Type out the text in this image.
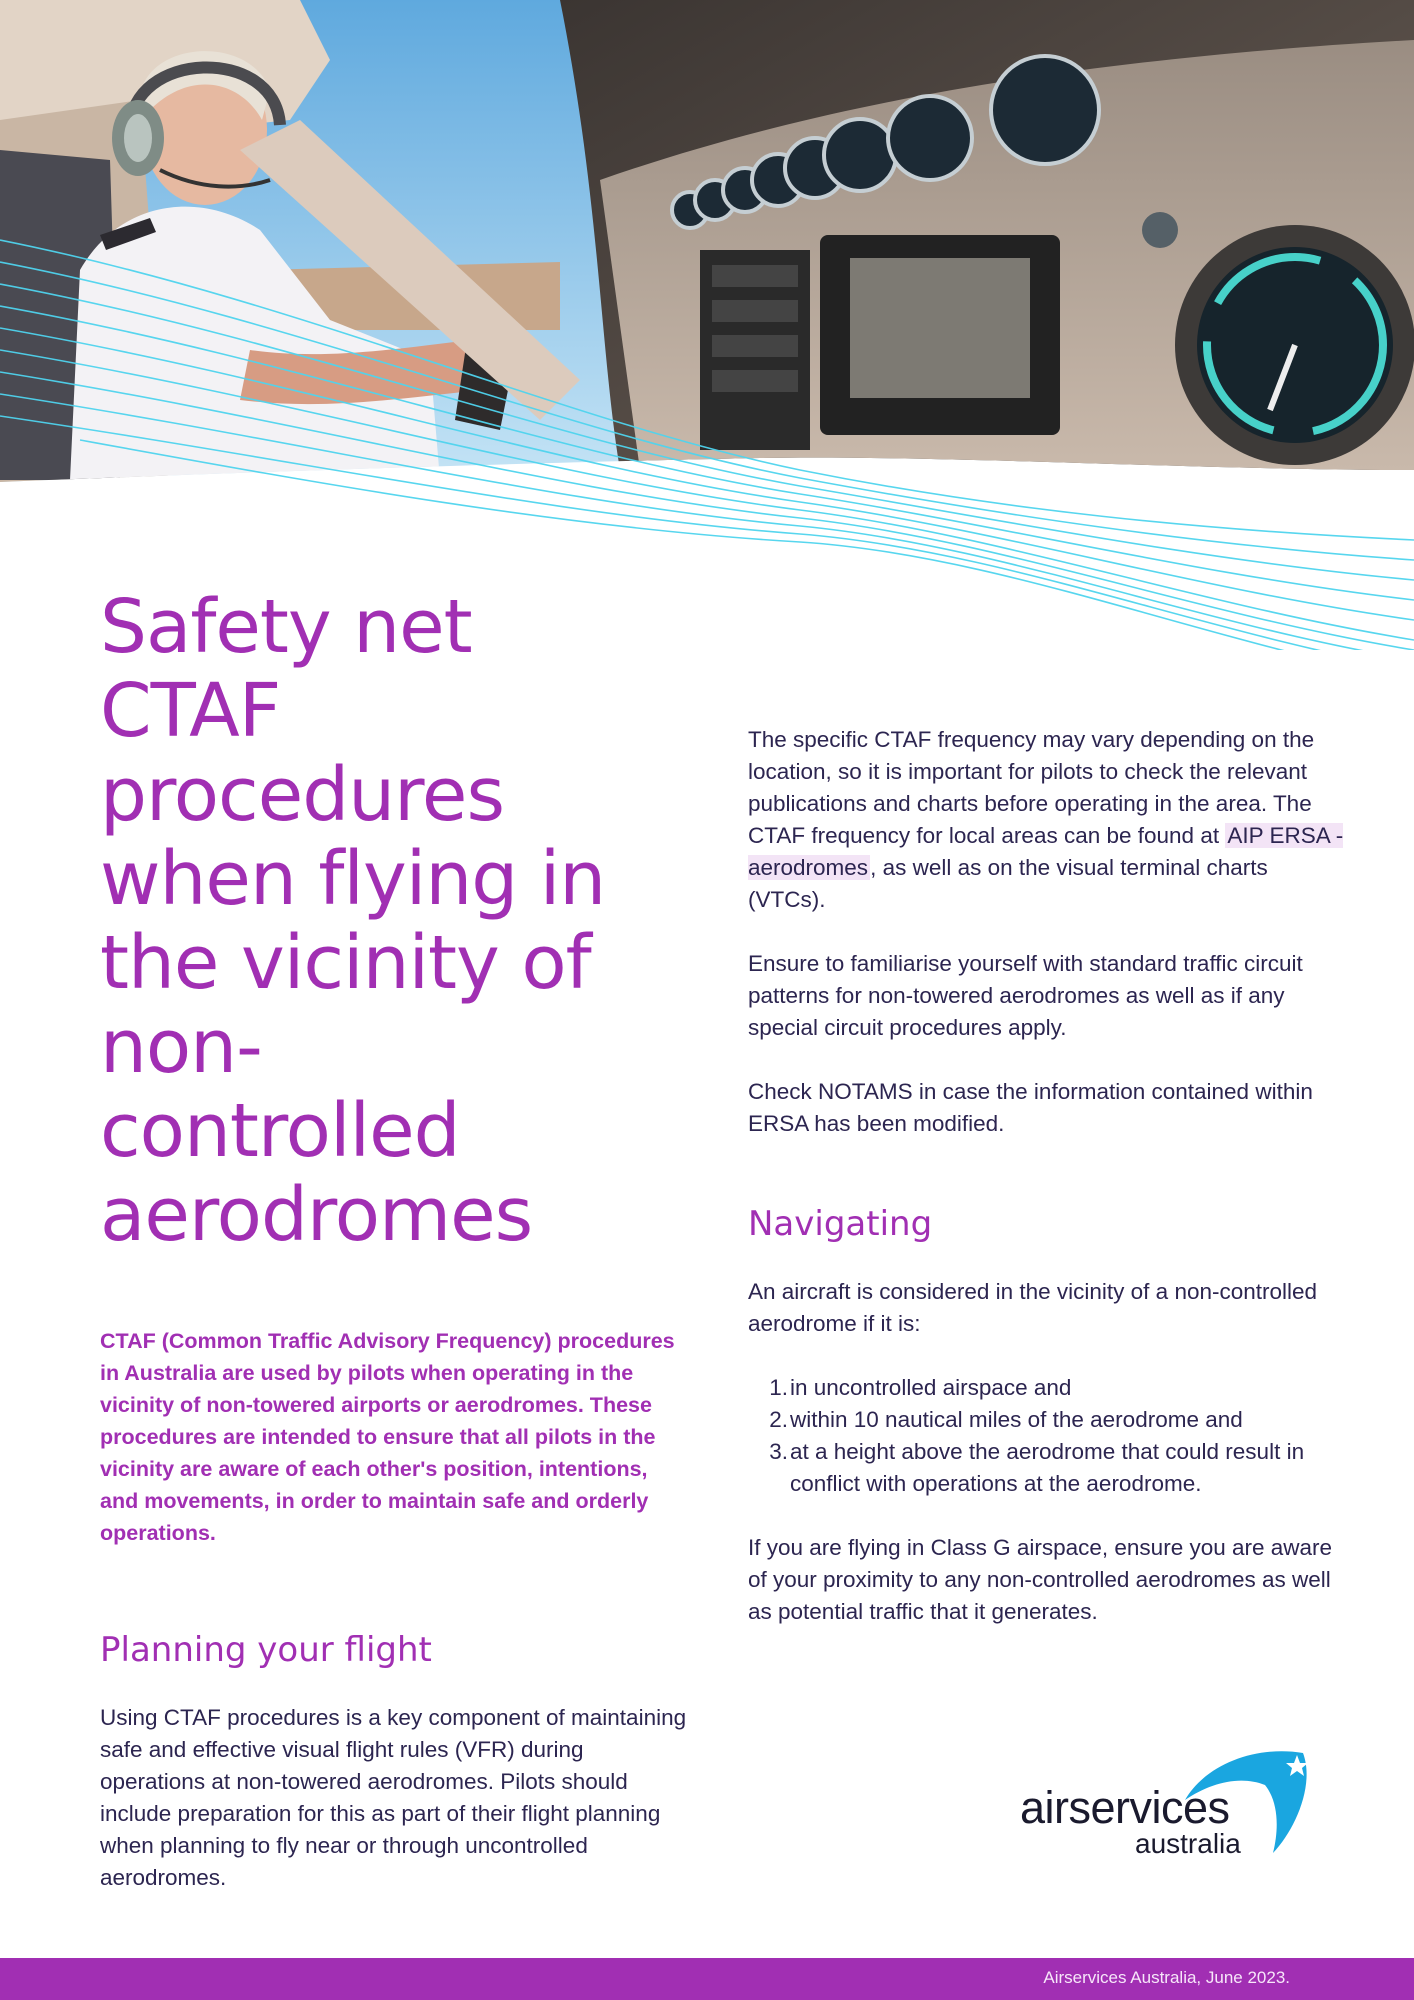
Safety net CTAF procedures when flying in the vicinity of non-controlled aerodromes

CTAF (Common Traffic Advisory Frequency) procedures in Australia are used by pilots when operating in the vicinity of non-towered airports or aerodromes. These procedures are intended to ensure that all pilots in the vicinity are aware of each other's position, intentions, and movements, in order to maintain safe and orderly operations.

Planning your flight

Using CTAF procedures is a key component of maintaining safe and effective visual flight rules (VFR) during operations at non-towered aerodromes. Pilots should include preparation for this as part of their flight planning when planning to fly near or through uncontrolled aerodromes.

The specific CTAF frequency may vary depending on the location, so it is important for pilots to check the relevant publications and charts before operating in the area. The CTAF frequency for local areas can be found at AIP ERSA - aerodromes, as well as on the visual terminal charts (VTCs).

Ensure to familiarise yourself with standard traffic circuit patterns for non-towered aerodromes as well as if any special circuit procedures apply.

Check NOTAMS in case the information contained within ERSA has been modified.

Navigating

An aircraft is considered in the vicinity of a non-controlled aerodrome if it is:

1. in uncontrolled airspace and
2. within 10 nautical miles of the aerodrome and
3. at a height above the aerodrome that could result in conflict with operations at the aerodrome.

If you are flying in Class G airspace, ensure you are aware of your proximity to any non-controlled aerodromes as well as potential traffic that it generates.

airservices
australia
Airservices Australia, June 2023.
